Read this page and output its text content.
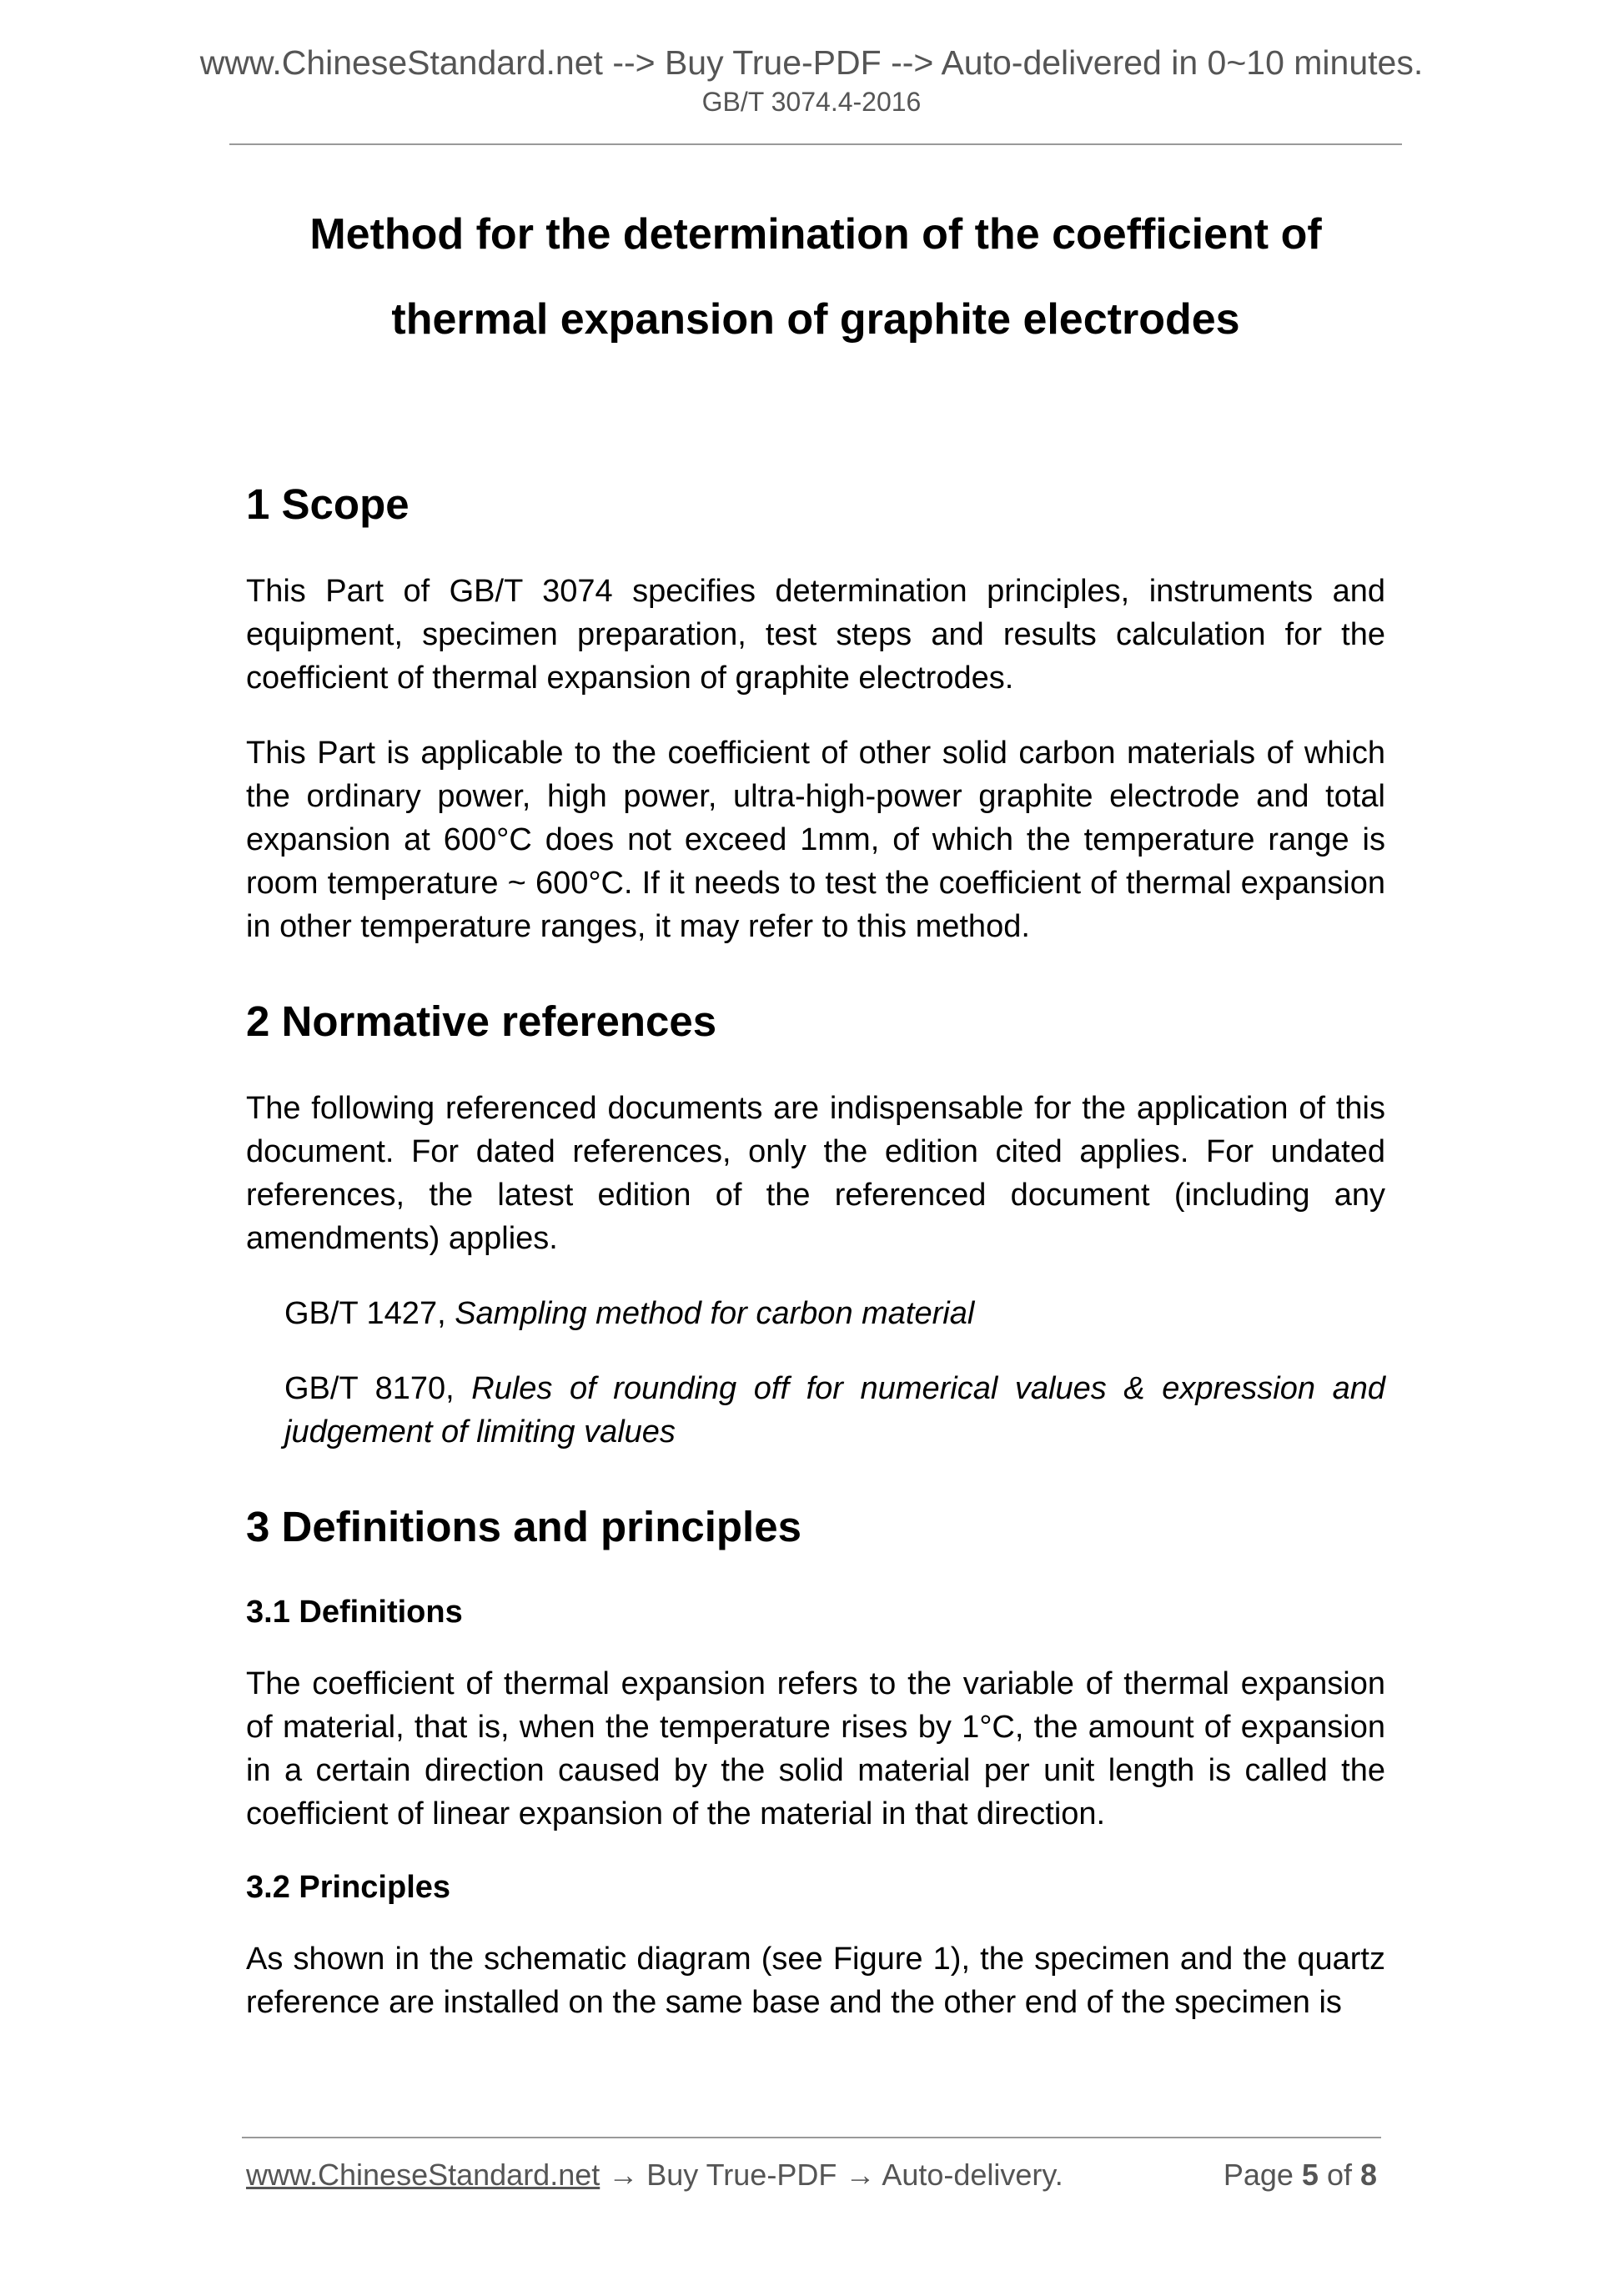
www.ChineseStandard.net --> Buy True-PDF --> Auto-delivered in 0~10 minutes.
GB/T 3074.4-2016
Method for the determination of the coefficient of
thermal expansion of graphite electrodes
1 Scope

This Part of GB/T 3074 specifies determination principles, instruments and equipment, specimen preparation, test steps and results calculation for the coefficient of thermal expansion of graphite electrodes.

This Part is applicable to the coefficient of other solid carbon materials of which the ordinary power, high power, ultra-high-power graphite electrode and total expansion at 600°C does not exceed 1mm, of which the temperature range is room temperature ~ 600°C. If it needs to test the coefficient of thermal expansion in other temperature ranges, it may refer to this method.

2 Normative references

The following referenced documents are indispensable for the application of this document. For dated references, only the edition cited applies. For undated references, the latest edition of the referenced document (including any amendments) applies.

GB/T 1427, Sampling method for carbon material

GB/T 8170, Rules of rounding off for numerical values & expression and judgement of limiting values

3 Definitions and principles
3.1 Definitions

The coefficient of thermal expansion refers to the variable of thermal expansion of material, that is, when the temperature rises by 1°C, the amount of expansion in a certain direction caused by the solid material per unit length is called the coefficient of linear expansion of the material in that direction.

3.2 Principles

As shown in the schematic diagram (see Figure 1), the specimen and the quartz reference are installed on the same base and the other end of the specimen is

www.ChineseStandard.net → Buy True-PDF → Auto-delivery.	Page 5 of 8
